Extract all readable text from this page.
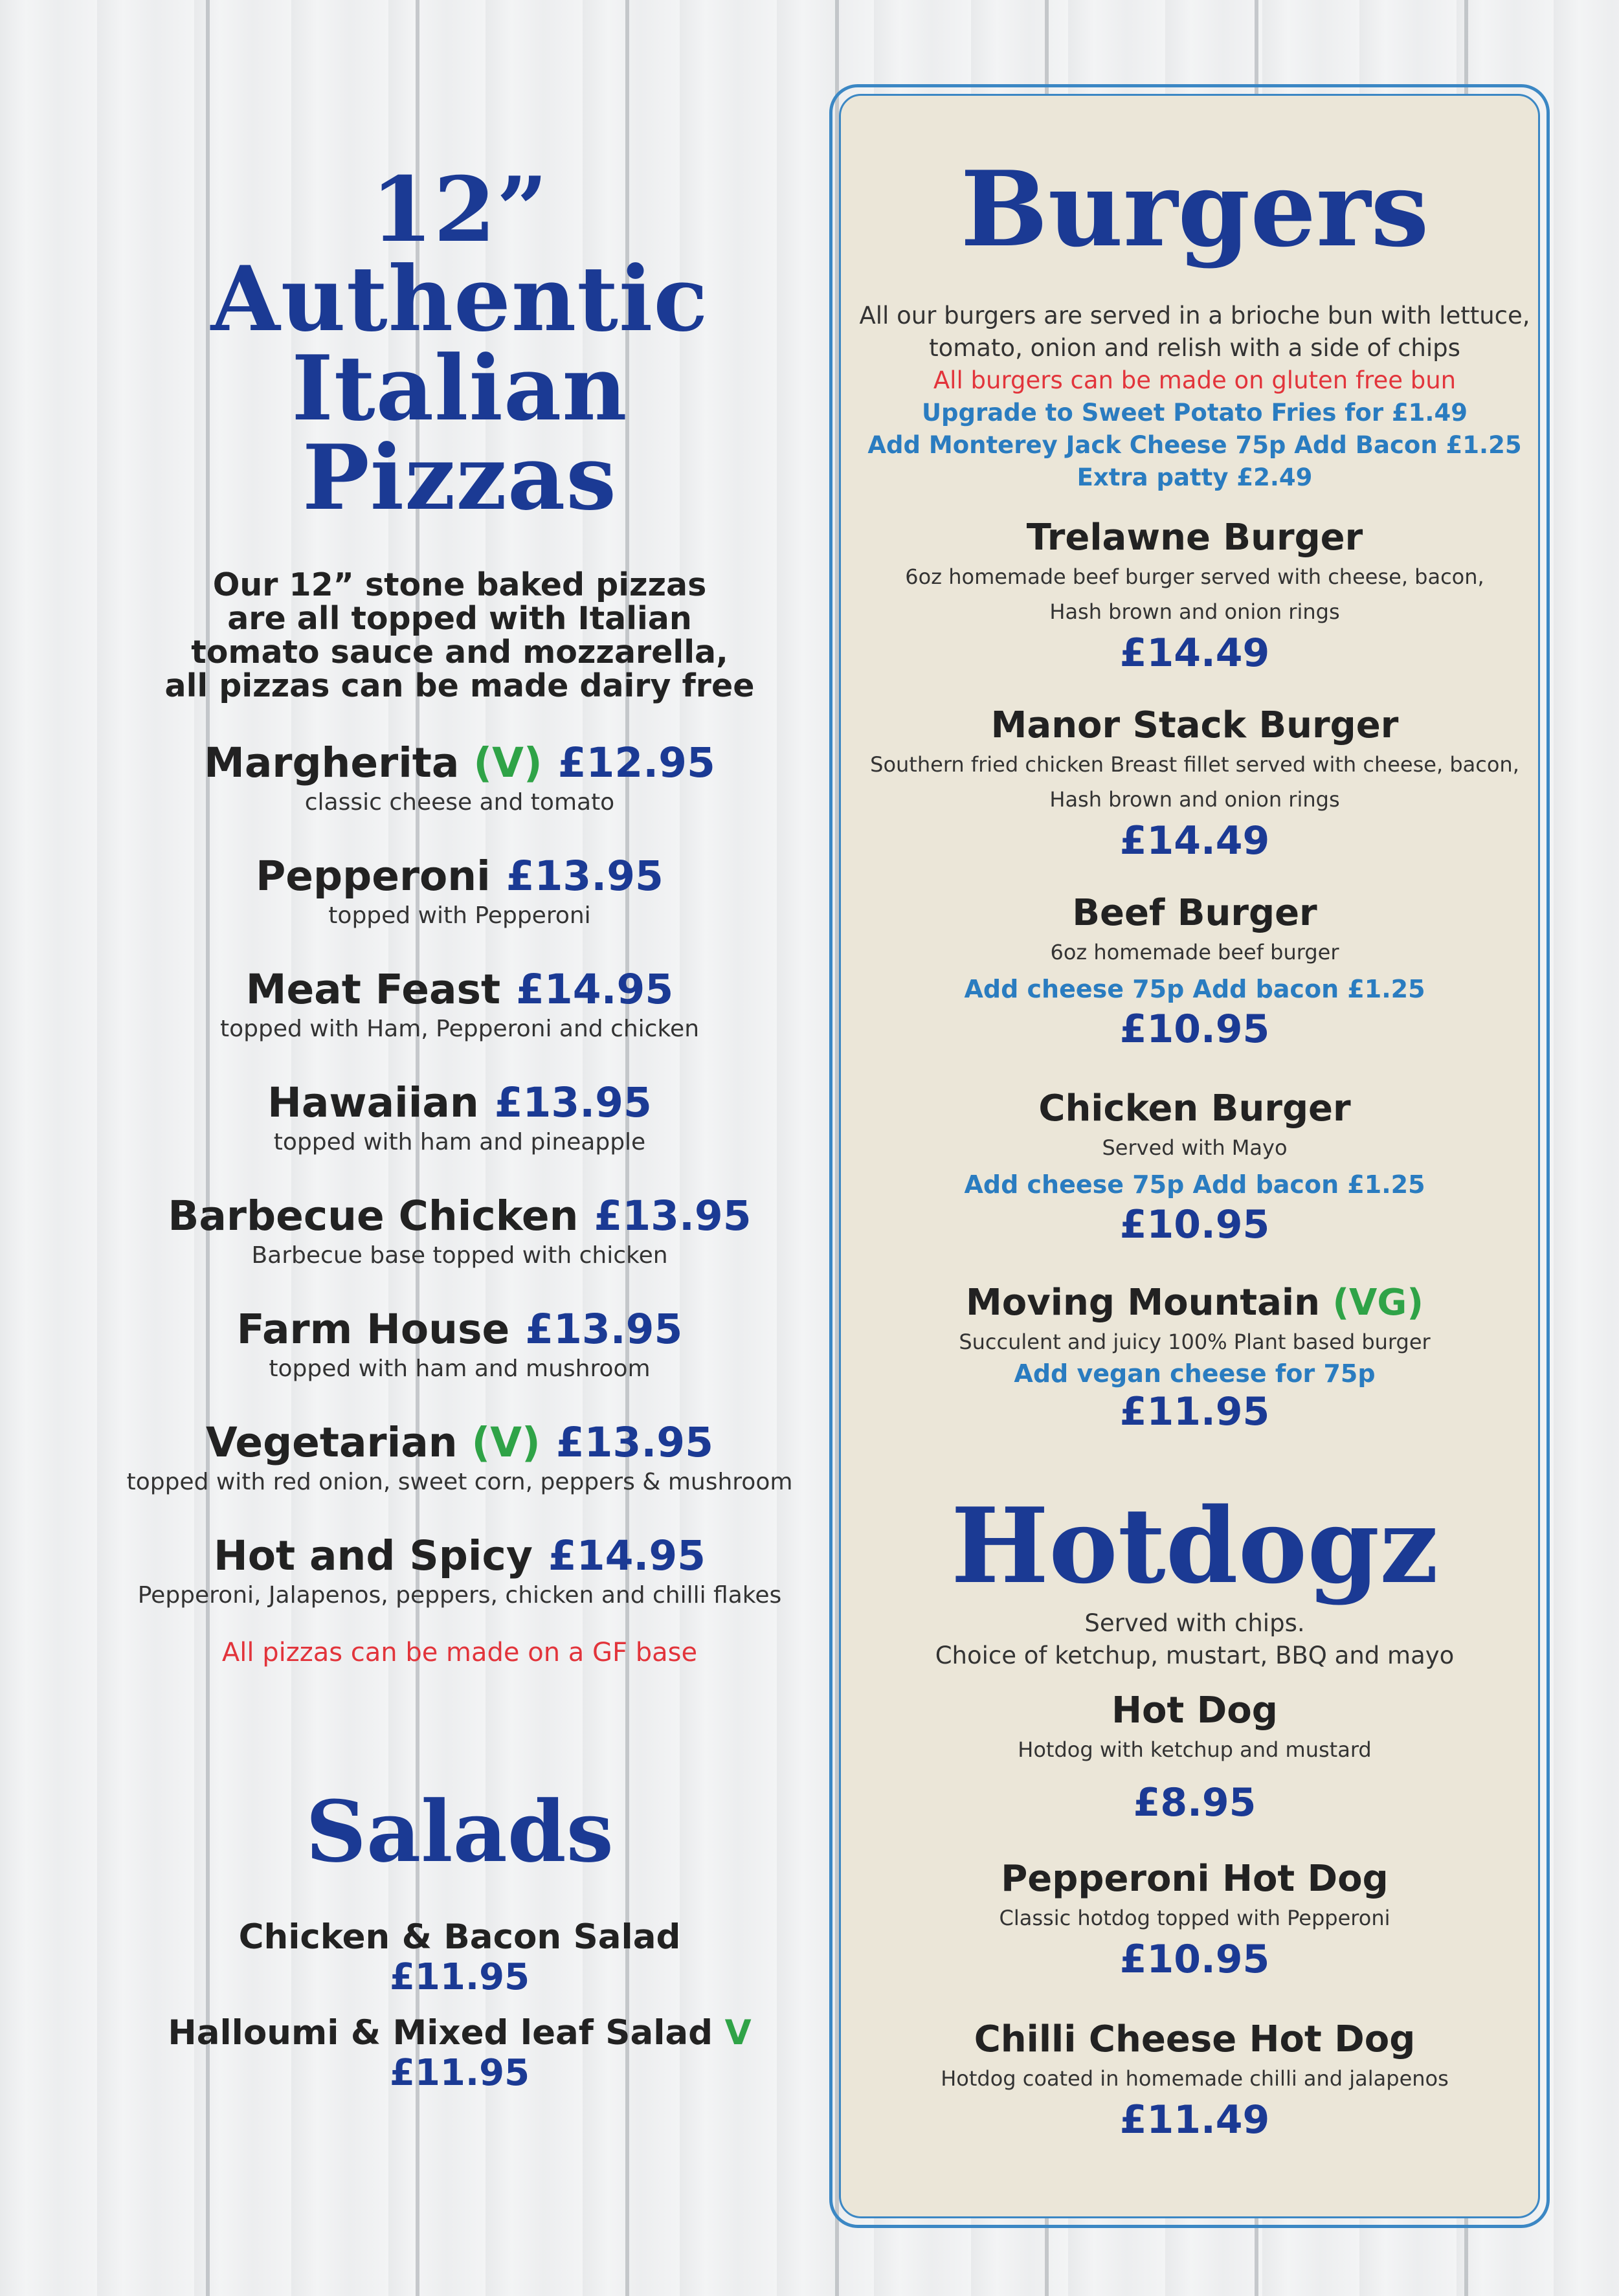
12”
Authentic
Italian
Pizzas
Our 12” stone baked pizzas
are all topped with Italian
tomato sauce and mozzarella,
all pizzas can be made dairy free
Margherita (V) £12.95
classic cheese and tomato
Pepperoni £13.95
topped with Pepperoni
Meat Feast £14.95
topped with Ham, Pepperoni and chicken
Hawaiian £13.95
topped with ham and pineapple
Barbecue Chicken £13.95
Barbecue base topped with chicken
Farm House £13.95
topped with ham and mushroom
Vegetarian (V) £13.95
topped with red onion, sweet corn, peppers & mushroom
Hot and Spicy £14.95
Pepperoni, Jalapenos, peppers, chicken and chilli flakes
All pizzas can be made on a GF base
Salads
Chicken & Bacon Salad
£11.95
Halloumi & Mixed leaf Salad V
£11.95
Burgers
All our burgers are served in a brioche bun with lettuce,
tomato, onion and relish with a side of chips
All burgers can be made on gluten free bun
Upgrade to Sweet Potato Fries for £1.49
Add Monterey Jack Cheese 75p Add Bacon £1.25
Extra patty £2.49
Trelawne Burger
6oz homemade beef burger served with cheese, bacon,
Hash brown and onion rings
£14.49
Manor Stack Burger
Southern fried chicken Breast fillet served with cheese, bacon,
Hash brown and onion rings
£14.49
Beef Burger
6oz homemade beef burger
Add cheese 75p Add bacon £1.25
£10.95
Chicken Burger
Served with Mayo
Add cheese 75p Add bacon £1.25
£10.95
Moving Mountain (VG)
Succulent and juicy 100% Plant based burger
Add vegan cheese for 75p
£11.95
Hotdogz
Served with chips.
Choice of ketchup, mustart, BBQ and mayo
Hot Dog
Hotdog with ketchup and mustard
£8.95
Pepperoni Hot Dog
Classic hotdog topped with Pepperoni
£10.95
Chilli Cheese Hot Dog
Hotdog coated in homemade chilli and jalapenos
£11.49
